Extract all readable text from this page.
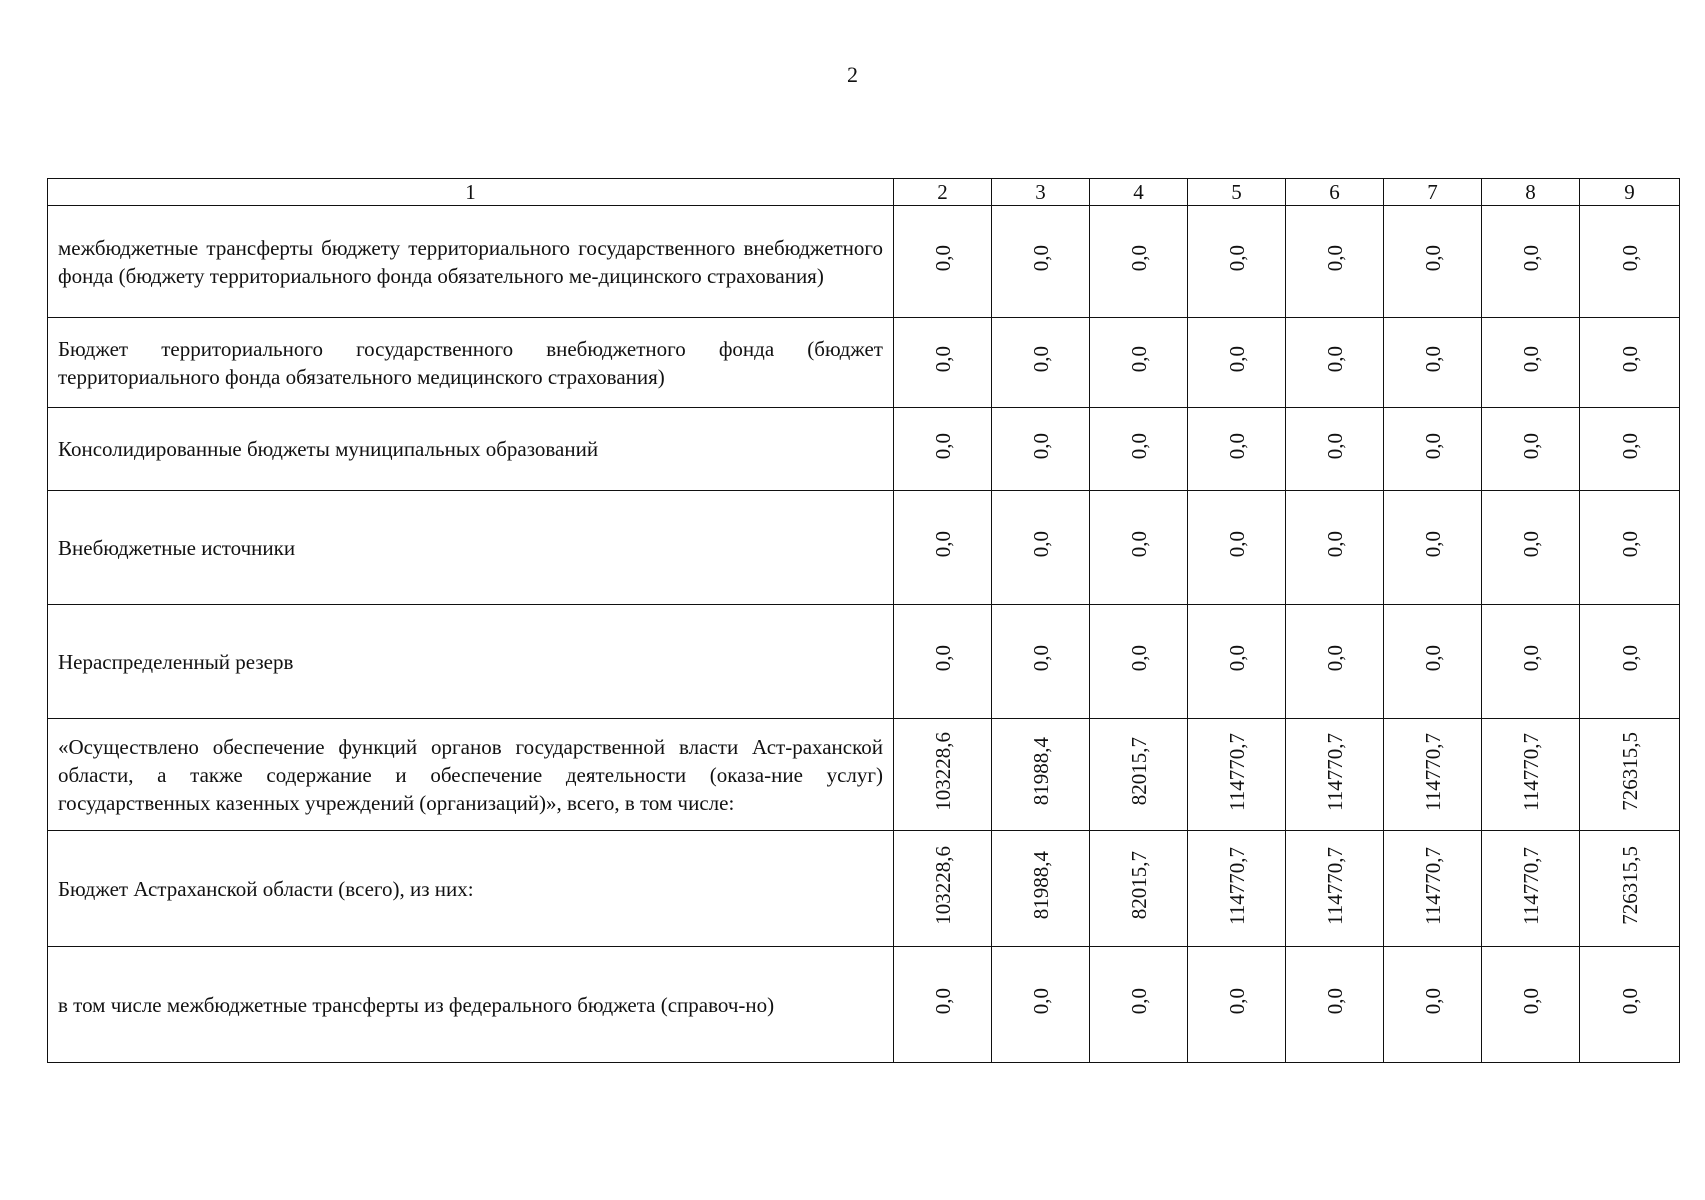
2
1	2	3	4	5	6	7	8	9
межбюджетные трансферты бюджету территориального государственного внебюджетного фонда (бюджету территориального фонда обязательного ме-дицинского страхования)	0,0	0,0	0,0	0,0	0,0	0,0	0,0	0,0
Бюджет территориального государственного внебюджетного фонда (бюджет территориального фонда обязательного медицинского страхования)	0,0	0,0	0,0	0,0	0,0	0,0	0,0	0,0
Консолидированные бюджеты муниципальных образований	0,0	0,0	0,0	0,0	0,0	0,0	0,0	0,0
Внебюджетные источники	0,0	0,0	0,0	0,0	0,0	0,0	0,0	0,0
Нераспределенный резерв	0,0	0,0	0,0	0,0	0,0	0,0	0,0	0,0
«Осуществлено обеспечение функций органов государственной власти Аст-раханской области, а также содержание и обеспечение деятельности (оказа-ние услуг) государственных казенных учреждений (организаций)», всего, в том числе:	103228,6	81988,4	82015,7	114770,7	114770,7	114770,7	114770,7	726315,5
Бюджет Астраханской области (всего), из них:	103228,6	81988,4	82015,7	114770,7	114770,7	114770,7	114770,7	726315,5
в том числе межбюджетные трансферты из федерального бюджета (справоч-но)	0,0	0,0	0,0	0,0	0,0	0,0	0,0	0,0
